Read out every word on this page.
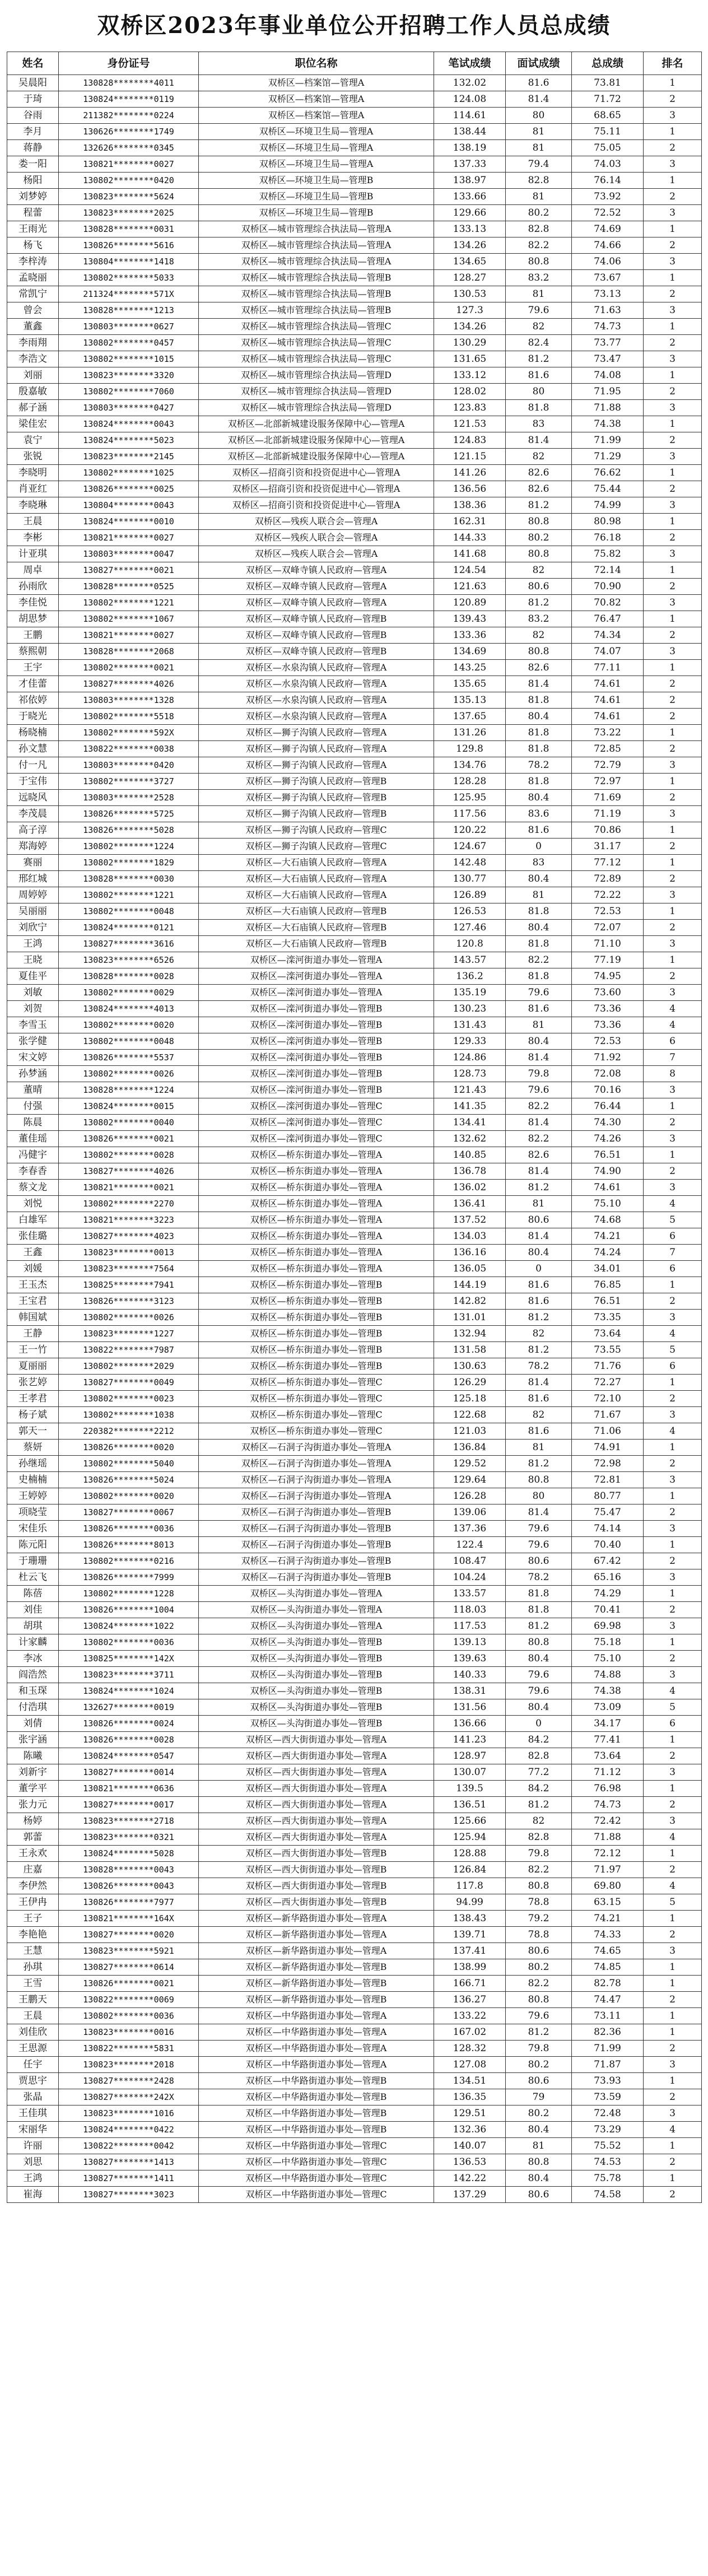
双桥区2023年事业单位公开招聘工作人员总成绩
姓名	身份证号	职位名称	笔试成绩	面试成绩	总成绩	排名
吴晨阳	130828********4011	双桥区—档案馆—管理A	132.02	81.6	73.81	1
于琦	130824********0119	双桥区—档案馆—管理A	124.08	81.4	71.72	2
谷雨	211382********0224	双桥区—档案馆—管理A	114.61	80	68.65	3
李月	130626********1749	双桥区—环境卫生局—管理A	138.44	81	75.11	1
蒋静	132626********0345	双桥区—环境卫生局—管理A	138.19	81	75.05	2
娄一阳	130821********0027	双桥区—环境卫生局—管理A	137.33	79.4	74.03	3
杨阳	130802********0420	双桥区—环境卫生局—管理B	138.97	82.8	76.14	1
刘梦婷	130823********5624	双桥区—环境卫生局—管理B	133.66	81	73.92	2
程蕾	130823********2025	双桥区—环境卫生局—管理B	129.66	80.2	72.52	3
王雨光	130828********0031	双桥区—城市管理综合执法局—管理A	133.13	82.8	74.69	1
杨飞	130826********5616	双桥区—城市管理综合执法局—管理A	134.26	82.2	74.66	2
李梓涛	130804********1418	双桥区—城市管理综合执法局—管理A	134.65	80.8	74.06	3
孟晓丽	130802********5033	双桥区—城市管理综合执法局—管理B	128.27	83.2	73.67	1
常凯宁	211324********571X	双桥区—城市管理综合执法局—管理B	130.53	81	73.13	2
曾会	130828********1213	双桥区—城市管理综合执法局—管理B	127.3	79.6	71.63	3
董鑫	130803********0627	双桥区—城市管理综合执法局—管理C	134.26	82	74.73	1
李雨翔	130802********0457	双桥区—城市管理综合执法局—管理C	130.29	82.4	73.77	2
李浩文	130802********1015	双桥区—城市管理综合执法局—管理C	131.65	81.2	73.47	3
刘丽	130823********3320	双桥区—城市管理综合执法局—管理D	133.12	81.6	74.08	1
殷嘉敏	130802********7060	双桥区—城市管理综合执法局—管理D	128.02	80	71.95	2
郝子涵	130803********0427	双桥区—城市管理综合执法局—管理D	123.83	81.8	71.88	3
梁佳宏	130824********0043	双桥区—北部新城建设服务保障中心—管理A	121.53	83	74.38	1
袁宁	130824********5023	双桥区—北部新城建设服务保障中心—管理A	124.83	81.4	71.99	2
张锐	130823********2145	双桥区—北部新城建设服务保障中心—管理A	121.15	82	71.29	3
李晓明	130802********1025	双桥区—招商引资和投资促进中心—管理A	141.26	82.6	76.62	1
肖亚红	130826********0025	双桥区—招商引资和投资促进中心—管理A	136.56	82.6	75.44	2
李晓琳	130804********0043	双桥区—招商引资和投资促进中心—管理A	138.36	81.2	74.99	3
王晨	130824********0010	双桥区—残疾人联合会—管理A	162.31	80.8	80.98	1
李彬	130821********0027	双桥区—残疾人联合会—管理A	144.33	80.2	76.18	2
计亚琪	130803********0047	双桥区—残疾人联合会—管理A	141.68	80.8	75.82	3
周卓	130827********0021	双桥区—双峰寺镇人民政府—管理A	124.54	82	72.14	1
孙雨欣	130828********0525	双桥区—双峰寺镇人民政府—管理A	121.63	80.6	70.90	2
李佳悦	130802********1221	双桥区—双峰寺镇人民政府—管理A	120.89	81.2	70.82	3
胡思梦	130802********1067	双桥区—双峰寺镇人民政府—管理B	139.43	83.2	76.47	1
王鹏	130821********0027	双桥区—双峰寺镇人民政府—管理B	133.36	82	74.34	2
蔡熙朝	130828********2068	双桥区—双峰寺镇人民政府—管理B	134.69	80.8	74.07	3
王宇	130802********0021	双桥区—水泉沟镇人民政府—管理A	143.25	82.6	77.11	1
才佳蕾	130827********4026	双桥区—水泉沟镇人民政府—管理A	135.65	81.4	74.61	2
祁依婷	130803********1328	双桥区—水泉沟镇人民政府—管理A	135.13	81.8	74.61	2
于晓光	130802********5518	双桥区—水泉沟镇人民政府—管理A	137.65	80.4	74.61	2
杨晓楠	130802********592X	双桥区—狮子沟镇人民政府—管理A	131.26	81.8	73.22	1
孙文慧	130822********0038	双桥区—狮子沟镇人民政府—管理A	129.8	81.8	72.85	2
付一凡	130803********0420	双桥区—狮子沟镇人民政府—管理A	134.76	78.2	72.79	3
于宝伟	130802********3727	双桥区—狮子沟镇人民政府—管理B	128.28	81.8	72.97	1
远晓风	130803********2528	双桥区—狮子沟镇人民政府—管理B	125.95	80.4	71.69	2
李茂晨	130826********5725	双桥区—狮子沟镇人民政府—管理B	117.56	83.6	71.19	3
高子淳	130826********5028	双桥区—狮子沟镇人民政府—管理C	120.22	81.6	70.86	1
郑海婷	130802********1224	双桥区—狮子沟镇人民政府—管理C	124.67	0	31.17	2
赛丽	130802********1829	双桥区—大石庙镇人民政府—管理A	142.48	83	77.12	1
邢红城	130828********0030	双桥区—大石庙镇人民政府—管理A	130.77	80.4	72.89	2
周婷婷	130802********1221	双桥区—大石庙镇人民政府—管理A	126.89	81	72.22	3
吴丽丽	130802********0048	双桥区—大石庙镇人民政府—管理B	126.53	81.8	72.53	1
刘欣宁	130824********0121	双桥区—大石庙镇人民政府—管理B	127.46	80.4	72.07	2
王鸿	130827********3616	双桥区—大石庙镇人民政府—管理B	120.8	81.8	71.10	3
王晓	130823********6526	双桥区—滦河街道办事处—管理A	143.57	82.2	77.19	1
夏佳平	130828********0028	双桥区—滦河街道办事处—管理A	136.2	81.8	74.95	2
刘敏	130802********0029	双桥区—滦河街道办事处—管理A	135.19	79.6	73.60	3
刘贺	130824********4013	双桥区—滦河街道办事处—管理B	130.23	81.6	73.36	4
李雪玉	130802********0020	双桥区—滦河街道办事处—管理B	131.43	81	73.36	4
张学健	130802********0048	双桥区—滦河街道办事处—管理B	129.33	80.4	72.53	6
宋文婷	130826********5537	双桥区—滦河街道办事处—管理B	124.86	81.4	71.92	7
孙梦涵	130802********0026	双桥区—滦河街道办事处—管理B	128.73	79.8	72.08	8
董晴	130828********1224	双桥区—滦河街道办事处—管理B	121.43	79.6	70.16	3
付强	130824********0015	双桥区—滦河街道办事处—管理C	141.35	82.2	76.44	1
陈晨	130802********0040	双桥区—滦河街道办事处—管理C	134.41	81.4	74.30	2
董佳瑶	130826********0021	双桥区—滦河街道办事处—管理C	132.62	82.2	74.26	3
冯健宇	130802********0028	双桥区—桥东街道办事处—管理A	140.85	82.6	76.51	1
李春香	130827********4026	双桥区—桥东街道办事处—管理A	136.78	81.4	74.90	2
蔡文龙	130821********0021	双桥区—桥东街道办事处—管理A	136.02	81.2	74.61	3
刘悦	130802********2270	双桥区—桥东街道办事处—管理A	136.41	81	75.10	4
白雄军	130821********3223	双桥区—桥东街道办事处—管理A	137.52	80.6	74.68	5
张佳璐	130827********4023	双桥区—桥东街道办事处—管理A	134.03	81.4	74.21	6
王鑫	130823********0013	双桥区—桥东街道办事处—管理A	136.16	80.4	74.24	7
刘媛	130823********7564	双桥区—桥东街道办事处—管理A	136.05	0	34.01	6
王玉杰	130825********7941	双桥区—桥东街道办事处—管理B	144.19	81.6	76.85	1
王宝君	130826********3123	双桥区—桥东街道办事处—管理B	142.82	81.6	76.51	2
韩国斌	130802********0026	双桥区—桥东街道办事处—管理B	131.01	81.2	73.35	3
王静	130823********1227	双桥区—桥东街道办事处—管理B	132.94	82	73.64	4
王一竹	130822********7987	双桥区—桥东街道办事处—管理B	131.58	81.2	73.55	5
夏丽丽	130802********2029	双桥区—桥东街道办事处—管理B	130.63	78.2	71.76	6
张艺婷	130827********0049	双桥区—桥东街道办事处—管理C	126.29	81.4	72.27	1
王孝君	130802********0023	双桥区—桥东街道办事处—管理C	125.18	81.6	72.10	2
杨子斌	130802********1038	双桥区—桥东街道办事处—管理C	122.68	82	71.67	3
郭天一	220382********2212	双桥区—桥东街道办事处—管理C	121.03	81.6	71.06	4
蔡妍	130826********0020	双桥区—石洞子沟街道办事处—管理A	136.84	81	74.91	1
孙继瑶	130802********5040	双桥区—石洞子沟街道办事处—管理A	129.52	81.2	72.98	2
史楠楠	130826********5024	双桥区—石洞子沟街道办事处—管理A	129.64	80.8	72.81	3
王婷婷	130802********0020	双桥区—石洞子沟街道办事处—管理A	126.28	80	80.77	1
项晓莹	130827********0067	双桥区—石洞子沟街道办事处—管理B	139.06	81.4	75.47	2
宋佳乐	130826********0036	双桥区—石洞子沟街道办事处—管理B	137.36	79.6	74.14	3
陈元阳	130826********8013	双桥区—石洞子沟街道办事处—管理B	122.4	79.6	70.40	1
于珊珊	130802********0216	双桥区—石洞子沟街道办事处—管理B	108.47	80.6	67.42	2
杜云飞	130826********7999	双桥区—石洞子沟街道办事处—管理B	104.24	78.2	65.16	3
陈蓓	130802********1228	双桥区—头沟街道办事处—管理A	133.57	81.8	74.29	1
刘佳	130826********1004	双桥区—头沟街道办事处—管理A	118.03	81.8	70.41	2
胡琪	130824********1022	双桥区—头沟街道办事处—管理A	117.53	81.2	69.98	3
计家麟	130802********0036	双桥区—头沟街道办事处—管理B	139.13	80.8	75.18	1
李冰	130825********142X	双桥区—头沟街道办事处—管理B	139.63	80.4	75.10	2
阎浩然	130823********3711	双桥区—头沟街道办事处—管理B	140.33	79.6	74.88	3
和玉琛	130824********1024	双桥区—头沟街道办事处—管理B	138.31	79.6	74.38	4
付浩琪	132627********0019	双桥区—头沟街道办事处—管理B	131.56	80.4	73.09	5
刘倩	130826********0024	双桥区—头沟街道办事处—管理B	136.66	0	34.17	6
张宇涵	130826********0028	双桥区—西大街街道办事处—管理A	141.23	84.2	77.41	1
陈曦	130824********0547	双桥区—西大街街道办事处—管理A	128.97	82.8	73.64	2
刘新宇	130827********0014	双桥区—西大街街道办事处—管理A	130.07	77.2	71.12	3
董学平	130821********0636	双桥区—西大街街道办事处—管理A	139.5	84.2	76.98	1
张力元	130827********0017	双桥区—西大街街道办事处—管理A	136.51	81.2	74.73	2
杨婷	130823********2718	双桥区—西大街街道办事处—管理A	125.66	82	72.42	3
郭蕾	130823********0321	双桥区—西大街街道办事处—管理A	125.94	82.8	71.88	4
王永欢	130824********5028	双桥区—西大街街道办事处—管理B	128.88	79.8	72.12	1
庄嘉	130828********0043	双桥区—西大街街道办事处—管理B	126.84	82.2	71.97	2
李伊然	130826********0043	双桥区—西大街街道办事处—管理B	117.8	80.8	69.80	4
王伊冉	130826********7977	双桥区—西大街街道办事处—管理B	94.99	78.8	63.15	5
王子	130821********164X	双桥区—新华路街道办事处—管理A	138.43	79.2	74.21	1
李艳艳	130827********0020	双桥区—新华路街道办事处—管理A	139.71	78.8	74.33	2
王慧	130823********5921	双桥区—新华路街道办事处—管理A	137.41	80.6	74.65	3
孙琪	130827********0614	双桥区—新华路街道办事处—管理B	138.99	80.2	74.85	1
王雪	130826********0021	双桥区—新华路街道办事处—管理B	166.71	82.2	82.78	1
王鹏天	130822********0069	双桥区—新华路街道办事处—管理B	136.27	80.8	74.47	2
王晨	130802********0036	双桥区—中华路街道办事处—管理A	133.22	79.6	73.11	1
刘佳欣	130823********0016	双桥区—中华路街道办事处—管理A	167.02	81.2	82.36	1
王思源	130822********5831	双桥区—中华路街道办事处—管理A	128.32	79.8	71.99	2
任宇	130823********2018	双桥区—中华路街道办事处—管理A	127.08	80.2	71.87	3
贾思宇	130827********2428	双桥区—中华路街道办事处—管理B	134.51	80.6	73.93	1
张晶	130827********242X	双桥区—中华路街道办事处—管理B	136.35	79	73.59	2
王佳琪	130823********1016	双桥区—中华路街道办事处—管理B	129.51	80.2	72.48	3
宋丽华	130824********0422	双桥区—中华路街道办事处—管理B	132.36	80.4	73.29	4
许丽	130822********0042	双桥区—中华路街道办事处—管理C	140.07	81	75.52	1
刘思	130827********1413	双桥区—中华路街道办事处—管理C	136.53	80.8	74.53	2
王鸿	130827********1411	双桥区—中华路街道办事处—管理C	142.22	80.4	75.78	1
崔海	130827********3023	双桥区—中华路街道办事处—管理C	137.29	80.6	74.58	2
